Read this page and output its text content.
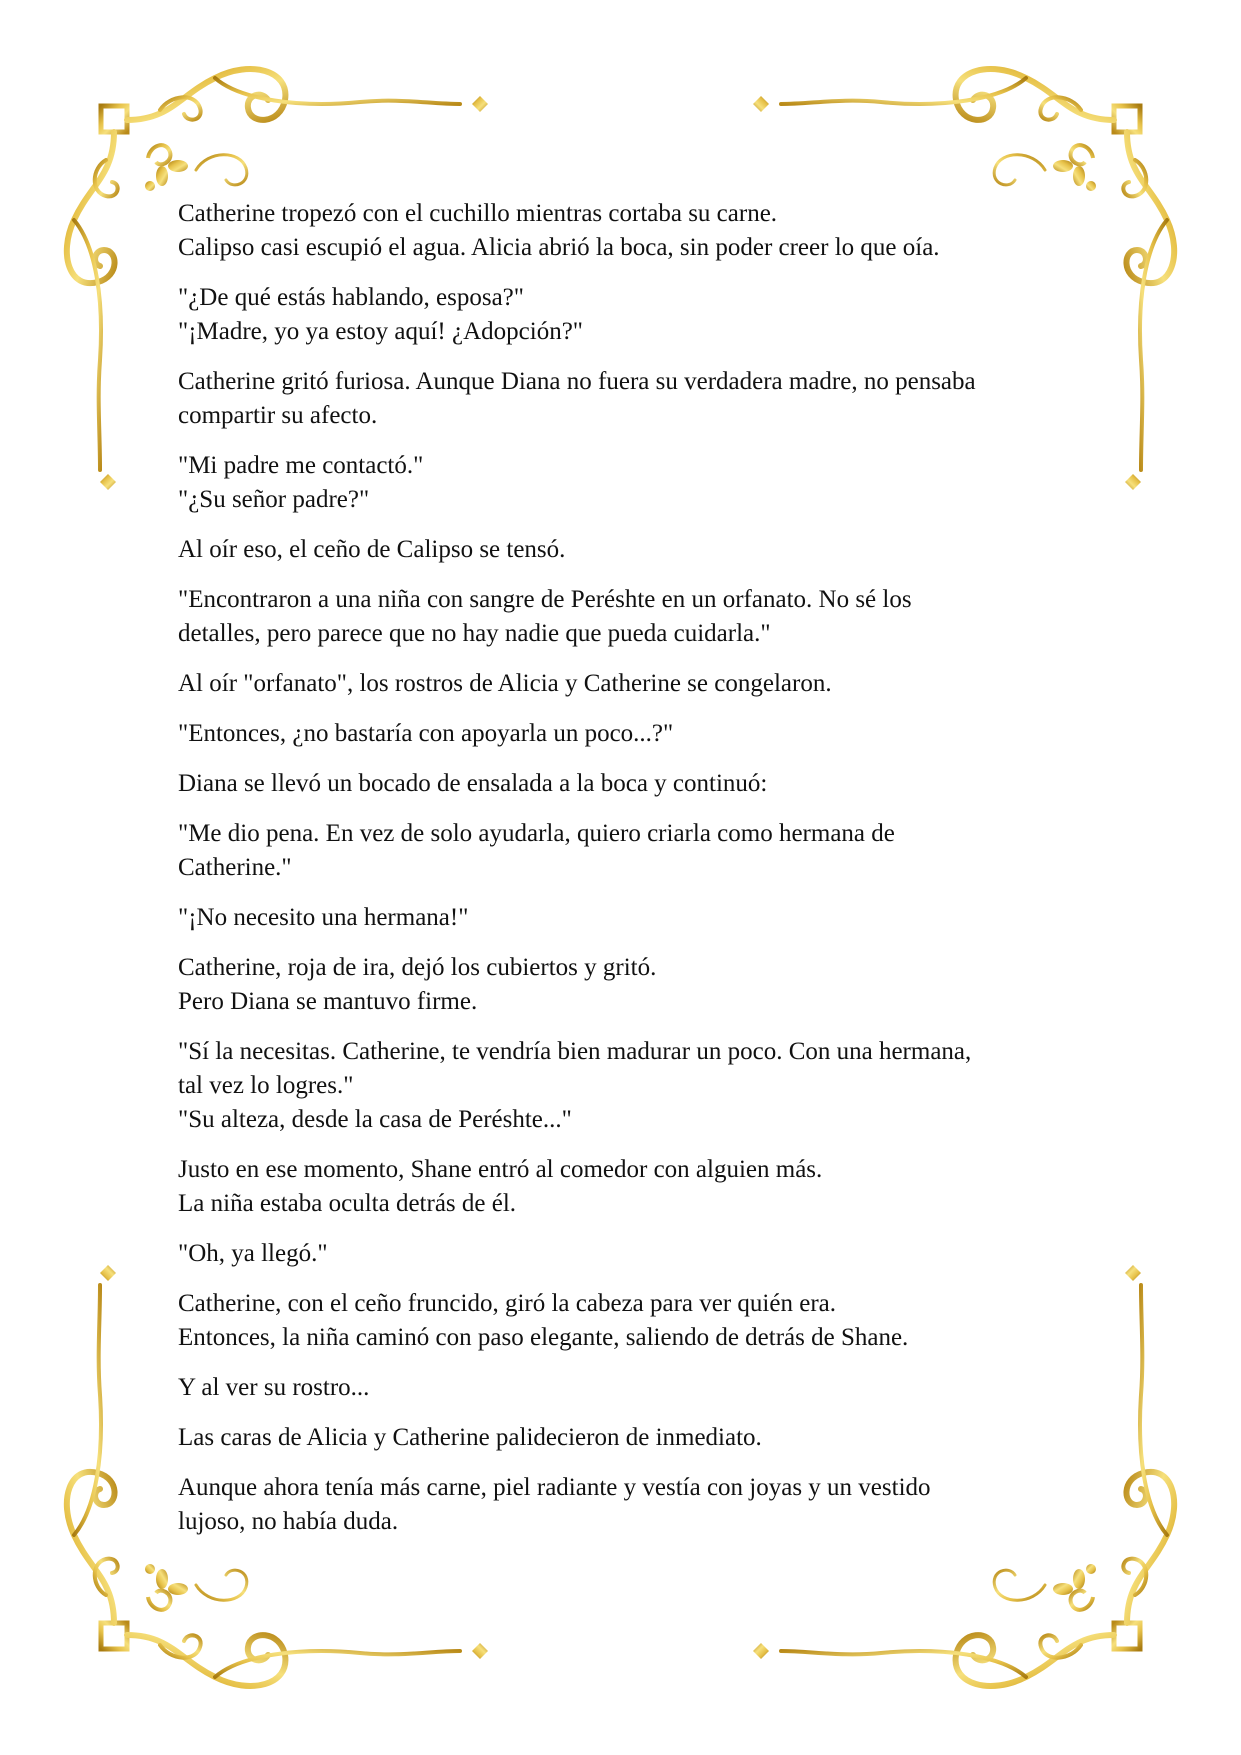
Catherine tropezó con el cuchillo mientras cortaba su carne.
Calipso casi escupió el agua. Alicia abrió la boca, sin poder creer lo que oía.

"¿De qué estás hablando, esposa?"
"¡Madre, yo ya estoy aquí! ¿Adopción?"

Catherine gritó furiosa. Aunque Diana no fuera su verdadera madre, no pensaba
compartir su afecto.

"Mi padre me contactó."
"¿Su señor padre?"

Al oír eso, el ceño de Calipso se tensó.

"Encontraron a una niña con sangre de Peréshte en un orfanato. No sé los
detalles, pero parece que no hay nadie que pueda cuidarla."

Al oír "orfanato", los rostros de Alicia y Catherine se congelaron.

"Entonces, ¿no bastaría con apoyarla un poco...?"

Diana se llevó un bocado de ensalada a la boca y continuó:

"Me dio pena. En vez de solo ayudarla, quiero criarla como hermana de
Catherine."

"¡No necesito una hermana!"

Catherine, roja de ira, dejó los cubiertos y gritó.
Pero Diana se mantuvo firme.

"Sí la necesitas. Catherine, te vendría bien madurar un poco. Con una hermana,
tal vez lo logres."
"Su alteza, desde la casa de Peréshte..."

Justo en ese momento, Shane entró al comedor con alguien más.
La niña estaba oculta detrás de él.

"Oh, ya llegó."

Catherine, con el ceño fruncido, giró la cabeza para ver quién era.
Entonces, la niña caminó con paso elegante, saliendo de detrás de Shane.

Y al ver su rostro...

Las caras de Alicia y Catherine palidecieron de inmediato.

Aunque ahora tenía más carne, piel radiante y vestía con joyas y un vestido
lujoso, no había duda.
